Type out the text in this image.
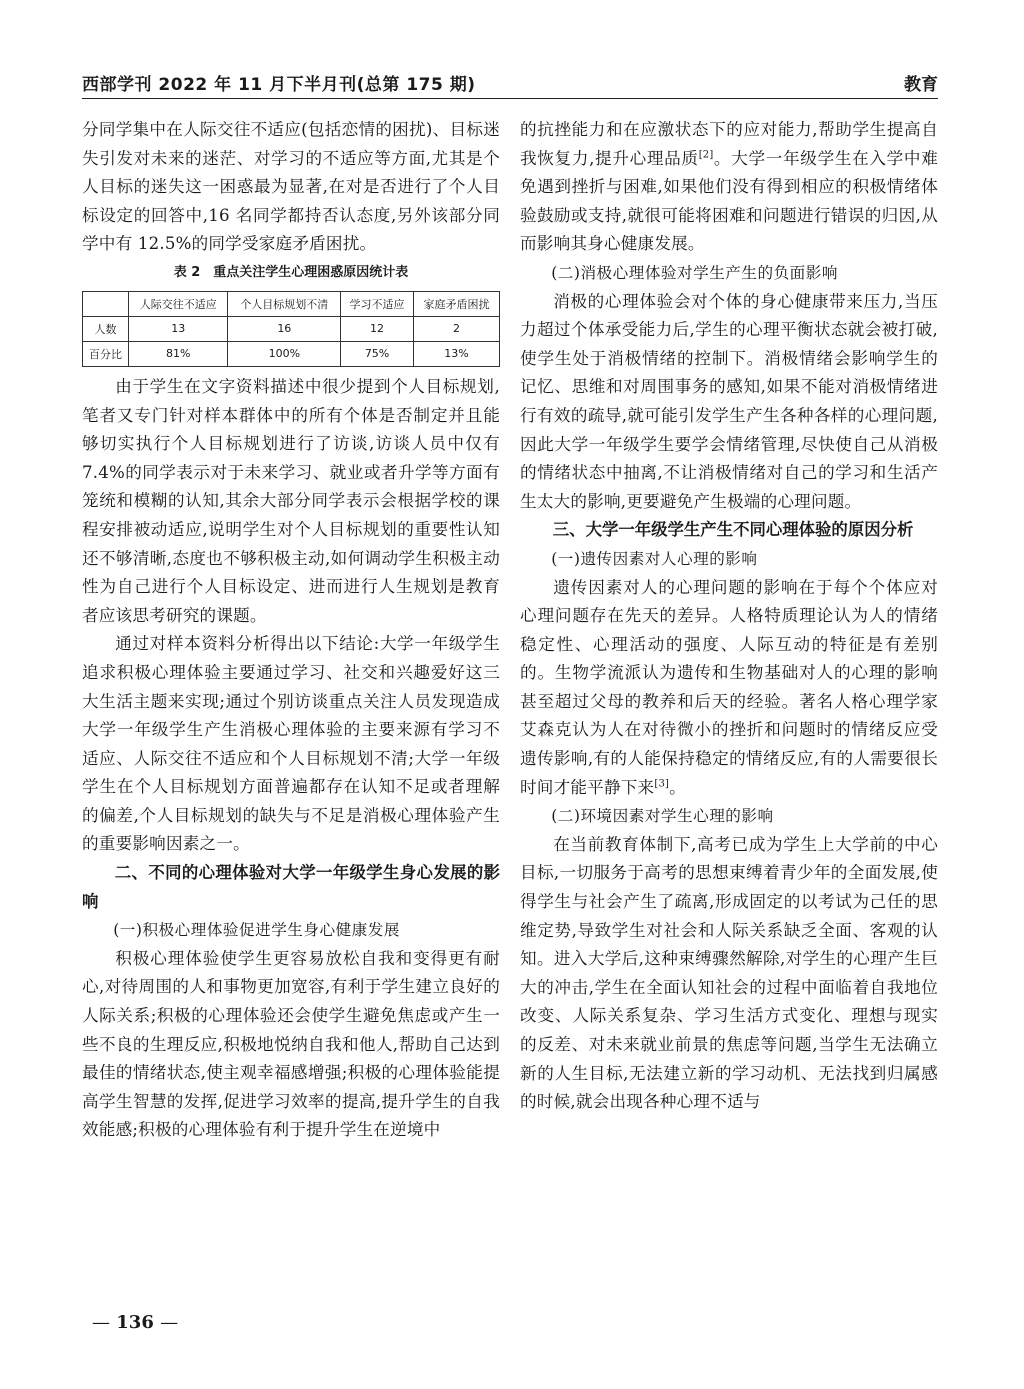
西部学刊 2022 年 11 月下半月刊(总第 175 期)	教育

分同学集中在人际交往不适应(包括恋情的困扰)、目标迷失引发对未来的迷茫、对学习的不适应等方面,尤其是个人目标的迷失这一困惑最为显著,在对是否进行了个人目标设定的回答中,16 名同学都持否认态度,另外该部分同学中有 12.5%的同学受家庭矛盾困扰。

表 2　重点关注学生心理困惑原因统计表
	人际交往不适应	个人目标规划不清	学习不适应	家庭矛盾困扰
人数	13	16	12	2
百分比	81%	100%	75%	13%

由于学生在文字资料描述中很少提到个人目标规划,笔者又专门针对样本群体中的所有个体是否制定并且能够切实执行个人目标规划进行了访谈,访谈人员中仅有 7.4%的同学表示对于未来学习、就业或者升学等方面有笼统和模糊的认知,其余大部分同学表示会根据学校的课程安排被动适应,说明学生对个人目标规划的重要性认知还不够清晰,态度也不够积极主动,如何调动学生积极主动性为自己进行个人目标设定、进而进行人生规划是教育者应该思考研究的课题。

通过对样本资料分析得出以下结论:大学一年级学生追求积极心理体验主要通过学习、社交和兴趣爱好这三大生活主题来实现;通过个别访谈重点关注人员发现造成大学一年级学生产生消极心理体验的主要来源有学习不适应、人际交往不适应和个人目标规划不清;大学一年级学生在个人目标规划方面普遍都存在认知不足或者理解的偏差,个人目标规划的缺失与不足是消极心理体验产生的重要影响因素之一。

二、不同的心理体验对大学一年级学生身心发展的影响
(一)积极心理体验促进学生身心健康发展

积极心理体验使学生更容易放松自我和变得更有耐心,对待周围的人和事物更加宽容,有利于学生建立良好的人际关系;积极的心理体验还会使学生避免焦虑或产生一些不良的生理反应,积极地悦纳自我和他人,帮助自己达到最佳的情绪状态,使主观幸福感增强;积极的心理体验能提高学生智慧的发挥,促进学习效率的提高,提升学生的自我效能感;积极的心理体验有利于提升学生在逆境中

的抗挫能力和在应激状态下的应对能力,帮助学生提高自我恢复力,提升心理品质[2]。大学一年级学生在入学中难免遇到挫折与困难,如果他们没有得到相应的积极情绪体验鼓励或支持,就很可能将困难和问题进行错误的归因,从而影响其身心健康发展。

(二)消极心理体验对学生产生的负面影响

消极的心理体验会对个体的身心健康带来压力,当压力超过个体承受能力后,学生的心理平衡状态就会被打破,使学生处于消极情绪的控制下。消极情绪会影响学生的记忆、思维和对周围事务的感知,如果不能对消极情绪进行有效的疏导,就可能引发学生产生各种各样的心理问题,因此大学一年级学生要学会情绪管理,尽快使自己从消极的情绪状态中抽离,不让消极情绪对自己的学习和生活产生太大的影响,更要避免产生极端的心理问题。

三、大学一年级学生产生不同心理体验的原因分析
(一)遗传因素对人心理的影响

遗传因素对人的心理问题的影响在于每个个体应对心理问题存在先天的差异。人格特质理论认为人的情绪稳定性、心理活动的强度、人际互动的特征是有差别的。生物学流派认为遗传和生物基础对人的心理的影响甚至超过父母的教养和后天的经验。著名人格心理学家艾森克认为人在对待微小的挫折和问题时的情绪反应受遗传影响,有的人能保持稳定的情绪反应,有的人需要很长时间才能平静下来[3]。

(二)环境因素对学生心理的影响

在当前教育体制下,高考已成为学生上大学前的中心目标,一切服务于高考的思想束缚着青少年的全面发展,使得学生与社会产生了疏离,形成固定的以考试为己任的思维定势,导致学生对社会和人际关系缺乏全面、客观的认知。进入大学后,这种束缚骤然解除,对学生的心理产生巨大的冲击,学生在全面认知社会的过程中面临着自我地位改变、人际关系复杂、学习生活方式变化、理想与现实的反差、对未来就业前景的焦虑等问题,当学生无法确立新的人生目标,无法建立新的学习动机、无法找到归属感的时候,就会出现各种心理不适与

— 136 —
